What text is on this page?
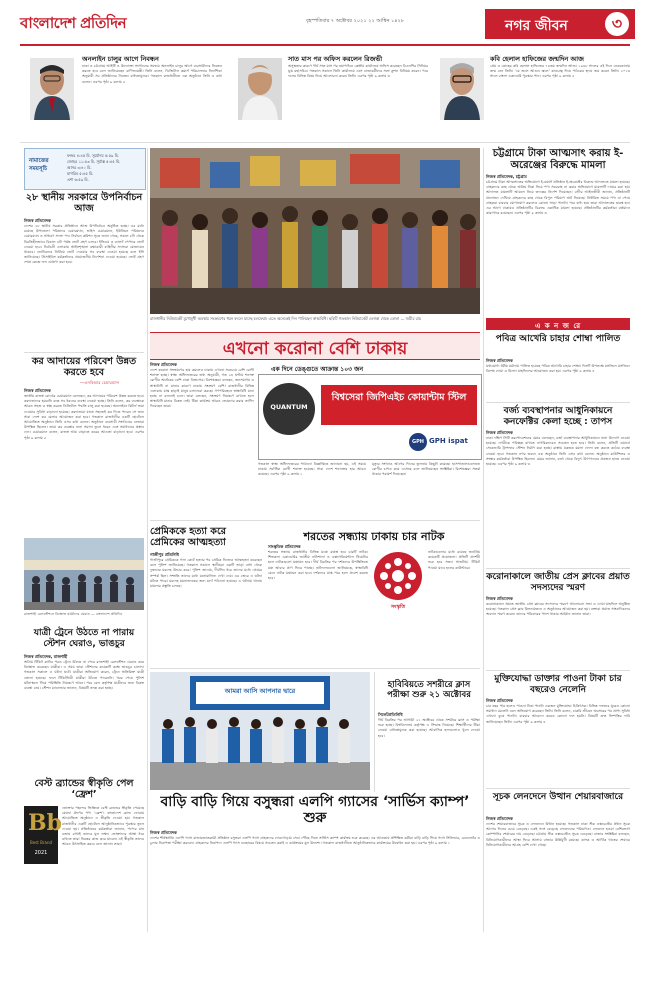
বাংলাদেশ প্রতিদিন	বৃহস্পতিবার ৭ অক্টোবর ২০২১ ২২ আশ্বিন ১৪২৮	নগর জীবন	৩
অনলাইন চালুর আগে নিবন্ধন
ঢাকা ও চট্টগ্রামে আইটি ও উদ্যোক্তা সংগঠনের সমন্বয়ে অনলাইন চালুর আগে ব্যবসায়ীদের নিবন্ধন করতে হবে বলে জানিয়েছেন বাণিজ্যমন্ত্রী। তিনি বলেন, ডিজিটাল কমার্স পরিচালনার নির্দেশিকা অনুযায়ী সব প্রতিষ্ঠানের নিবন্ধন বাধ্যতামূলক। গতকাল রাজধানীতে এক অনুষ্ঠানে তিনি এ কথা বলেন। এরপর পৃষ্ঠা ৯ কলাম ৫
সাত মাস পর অফিস করলেন রিজভী
অসুস্থতার কারণে দীর্ঘ সাত মাস পর নয়াপল্টনে কেন্দ্রীয় কার্যালয়ে অফিস করেছেন বিএনপির সিনিয়র যুগ্ম মহাসচিব। গতকাল সকালে তিনি কার্যালয়ে এসে নেতাকর্মীদের সঙ্গে কুশল বিনিময় করেন। পরে দলের বিভিন্ন বিষয় নিয়ে আলোচনা করেন তিনি। এরপর পৃষ্ঠা ৯ কলাম ৩
কবি হেলাল হাফিজের জন্মদিন আজ
প্রেম ও দ্রোহের কবি হেলাল হাফিজের ৭৪তম জন্মদিন আজ। ১৯৪৮ সালের এই দিনে নেত্রকোনায় জন্ম নেন তিনি। ‘যে জলে আগুন জ্বলে’ কাব্যগ্রন্থ দিয়ে পাঠকের হৃদয় জয় করেন তিনি। ২০১৩ সালে বাংলা একাডেমি পুরস্কার পান। এরপর পৃষ্ঠা ৯ কলাম ৫
নামাজের সময়সূচি
ফজর ৪:৪৫ মি. সূর্যোদয় ৫:৫৯ মি.
জোহর ১১:৫৩ মি. সূর্যাস্ত ৫:৪৫ মি.
আসর ৩:৪০ মি.
মাগরিব ৫:৪৫ মি.
এশা ৬:৫৯ মি.
২৮ স্থানীয় সরকারে উপনির্বাচন আজ
নিজস্ব প্রতিবেদক
দেশের ২৮ স্থানীয় সরকার প্রতিষ্ঠানে আজ উপনির্বাচন অনুষ্ঠিত হচ্ছে। এর মধ্যে রয়েছে উপজেলা পরিষদের চেয়ারম্যান, ভাইস চেয়ারম্যান, ইউনিয়ন পরিষদের চেয়ারম্যান ও সাধারণ সদস্য পদ। নির্বাচন কমিশন সূত্রে জানা গেছে, সকাল ৮টা থেকে বিরতিহীনভাবে বিকাল ৪টা পর্যন্ত ভোট গ্রহণ চলবে। ইভিএম ও ব্যালট পেপারে ভোট নেওয়া হবে। নির্বাচনী এলাকায় আইনশৃঙ্খলা রক্ষাকারী বাহিনীর সদস্যরা মোতায়েন থাকবে। ভোটারদের নির্বিঘ্নে ভোট দেওয়ার সব ব্যবস্থা নেওয়া হয়েছে বলে ইসি জানিয়েছে। প্রিসাইডিং কর্মকর্তাদের প্রয়োজনীয় নির্দেশনা দেওয়া হয়েছে। ভোট গ্রহণ শেষে কেন্দ্রে ফল ঘোষণা করা হবে।
কর আদায়ের পরিবেশ উন্নত করতে হবে
—এনবিআর চেয়ারম্যান
নিজস্ব প্রতিবেদক
জাতীয় রাজস্ব বোর্ডের চেয়ারম্যান বলেছেন, কর আদায়ের পরিবেশ উন্নত করতে হবে। করদাতাদের হয়রানি বন্ধে সব ধরনের ব্যবস্থা নেওয়া হচ্ছে। তিনি বলেন, কর ব্যবস্থাকে আরও সহজ ও স্বচ্ছ করতে ডিজিটাল পদ্ধতি চালু করা হয়েছে। অনলাইনে রিটার্ন জমা দেওয়ার সুবিধা বাড়ানো হয়েছে। করদাতারা যাতে সহজেই কর দিতে পারেন সে জন্য সারা দেশে কর মেলার আয়োজন করা হবে। গতকাল রাজধানীর একটি হোটেলে আয়োজিত অনুষ্ঠানে তিনি এসব কথা বলেন। অনুষ্ঠানে ব্যবসায়ী সংগঠনের নেতারা উপস্থিত ছিলেন। তারা কর ব্যবস্থার নানা সমস্যা তুলে ধরেন এবং সমাধানের প্রস্তাব দেন। চেয়ারম্যান বলেন, রাজস্ব আয় বাড়াতে করের আওতা বাড়ানো হবে। এরপর পৃষ্ঠা ৯ কলাম ৫
রাজশাহী রেলস্টেশনে বিক্ষোভ যাত্রীদের ঘেরাও — বাংলাদেশ প্রতিদিন
যাত্রী ট্রেনে উঠতে না পারায় স্টেশন ঘেরাও, ভাঙচুর
নিজস্ব প্রতিবেদক, রাজশাহী
অগ্রিম টিকিট কাটার পরও ট্রেনে উঠতে না পেরে রাজশাহী রেলস্টেশন ঘেরাও করে বিক্ষোভ করেছেন যাত্রীরা। এ সময় তারা স্টেশনের কয়েকটি কক্ষে ভাঙচুর চালান। গতকাল সকালে এ ঘটনা ঘটে। যাত্রীরা অভিযোগ করেন, ট্রেনে অতিরিক্ত যাত্রী তোলা হয়েছে। ফলে টিকিটধারী যাত্রীরা উঠতে পারেননি। খবর পেয়ে পুলিশ ঘটনাস্থলে গিয়ে পরিস্থিতি নিয়ন্ত্রণে আনে। পরে রেল কর্তৃপক্ষ যাত্রীদের জন্য বিকল্প ব্যবস্থা নেয়। স্টেশন ম্যানেজার জানান, বিষয়টি তদন্ত করা হচ্ছে।
বেস্ট ব্র্যান্ডের স্বীকৃতি পেল ‘ফ্রেশ’
Bb
Best Brand
2021
ভোক্তার পছন্দের ভিত্তিতে বেস্ট ব্র্যান্ডের স্বীকৃতি পেয়েছে মেঘনা গ্রুপের পণ্য ‘ফ্রেশ’। বাংলাদেশ ব্র্যান্ড ফোরাম আয়োজিত অনুষ্ঠানে এ স্বীকৃতি দেওয়া হয়। গতকাল রাজধানীর একটি হোটেলে আনুষ্ঠানিকভাবে পুরস্কার তুলে দেওয়া হয়। প্রতিষ্ঠানের কর্মকর্তারা জানান, পণ্যের মান বজায় রাখাই তাদের মূল লক্ষ্য। ভোক্তাদের আস্থা ধরে রাখতে তারা নিরন্তর কাজ করে যাবেন। এই স্বীকৃতি তাদের আরও উৎসাহিত করবে বলে জানান তারা।
রাজধানীর নিউমার্কেট মুখোমুখী অবস্থায় সংক্রমণের ধরন বদলে যাচ্ছে চলফেরা। এতে অনেকেই দিন পালিছেন স্বাস্থ্যবিধি। ছবিটি গতকাল নিউমার্কেট এলাকা থেকে তোলা — জয়ীর রায়
এখনো করোনা বেশি ঢাকায়
নিজস্ব প্রতিবেদক
দেশে করোনা সংক্রমণের হার কমলেও ঢাকায় এখনো সবচেয়ে বেশি রোগী শনাক্ত হচ্ছে। স্বাস্থ্য অধিদফতরের তথ্য অনুযায়ী, গত ২৪ ঘণ্টায় শনাক্ত রোগীর অর্ধেকের বেশি ঢাকা বিভাগের। বিশেষজ্ঞরা বলছেন, জনসমাগম ও স্বাস্থ্যবিধি না মানার কারণে ঢাকায় সংক্রমণ বেশি। রাজধানীর বিভিন্ন এলাকায় মাস্ক ছাড়াই মানুষ চলাফেরা করছে। গণপরিবহনে স্বাস্থ্যবিধি মানা হচ্ছে না বললেই চলে। তারা বলছেন, সংক্রমণ নিয়ন্ত্রণে রাখতে হলে স্বাস্থ্যবিধি মানার বিকল্প নেই। টিকা কার্যক্রম আরও জোরদার করার তাগিদ দিয়েছেন তারা।
এক দিনে ডেঙ্গুতে আক্রান্ত ১০৩ জন
QUANTUM
বিশ্বসেরা জিপিএইচ কোয়ান্টাম স্টিল
GPH GPH ispat
গতকাল স্বাস্থ্য অধিদফতরের পাঠানো বিজ্ঞপ্তিতে জানানো হয়, এই সময়ে ঢাকায় সর্বাধিক রোগী শনাক্ত হয়েছে। সারা দেশে শনাক্তের হার আরও কমেছে। এরপর পৃষ্ঠা ৯ কলাম ১
মৃত্যুর সংখ্যাও আগের দিনের তুলনায় কিছুটা কমেছে। হাসপাতালগুলোতে রোগীর চাপও কমে এসেছে বলে জানিয়েছেন সংশ্লিষ্টরা। বিশেষজ্ঞরা সতর্ক থাকার পরামর্শ দিয়েছেন।
প্রেমিককে হত্যা করে প্রেমিকের আত্মহত্যা
গাজীপুর প্রতিনিধি
গাজীপুরে প্রেমিককে গলা কেটে হত্যার পর প্রেমিক নিজেও আত্মহত্যা করেছেন বলে পুলিশ জানিয়েছে। গতকাল সকালে স্থানীয়রা একটি ভাড়া বাসা থেকে দুজনের মরদেহ উদ্ধার করে। পুলিশ জানায়, দীর্ঘদিন ধরে তাদের মধ্যে প্রেমের সম্পর্ক ছিল। সম্প্রতি তাদের মধ্যে মনোমালিন্য দেখা দেয়। এর জেরে এ ঘটনা ঘটতে পারে। মরদেহ ময়নাতদন্তের জন্য মর্গে পাঠানো হয়েছে। এ ঘটনায় থানায় মামলার প্রস্তুতি চলছে।
শরতের সন্ধ্যায় ঢাকায় চার নাটক
সাংস্কৃতিক প্রতিবেদক
শরতের সন্ধ্যায় রাজধানীর বিভিন্ন মঞ্চে মঞ্চস্থ হবে চারটি নাটক। শিল্পকলা একাডেমির জাতীয় নাট্যশালা ও এক্সপেরিমেন্টাল থিয়েটার হলে নাটকগুলো মঞ্চায়ন হবে। দীর্ঘ বিরতির পর দর্শকদের উপস্থিতিতে মঞ্চ আবার প্রাণ ফিরে পাচ্ছে। নাট্যদলগুলো জানিয়েছে, স্বাস্থ্যবিধি মেনে নাটক মঞ্চায়ন করা হবে। দর্শকদের মাস্ক পরে হলে প্রবেশ করতে হবে।
সংস্কৃতি
নাটকগুলোর মধ্যে রয়েছে জনপ্রিয় কয়েকটি প্রযোজনা। প্রতিটি প্রদর্শনী শুরু হবে সন্ধ্যা সাতটায়। টিকিট পাওয়া যাবে হলের কাউন্টারে।
আমরা আসি আপনার দ্বারে
বাড়ি বাড়ি গিয়ে বসুন্ধরা এলপি গ্যাসের ‘সার্ভিস ক্যাম্প’ শুরু
নিজস্ব প্রতিবেদক
দেশের শীর্ষস্থানীয় এলপি গ্যাস বাজারজাতকারী প্রতিষ্ঠান বসুন্ধরা এলপি গ্যাস গ্রাহকদের দোরগোড়ায় সেবা পৌঁছে দিতে সার্ভিস ক্যাম্প কার্যক্রম শুরু করেছে। এর আওতায় প্রশিক্ষিত কর্মীরা বাড়ি বাড়ি গিয়ে গ্যাস সিলিন্ডার, রেগুলেটর ও চুলার নিরাপত্তা পরীক্ষা করবেন। গ্রাহকদের নিরাপদে এলপি গ্যাস ব্যবহারের বিষয়ে সচেতন করাই এ কার্যক্রমের মূল উদ্দেশ্য। গতকাল রাজধানীতে আনুষ্ঠানিকভাবে কার্যক্রমের উদ্বোধন করা হয়। এরপর পৃষ্ঠা ৯ কলাম ১
হাবিবিয়তে সশরীরে ক্লাস পরীক্ষা শুরু ২১ অক্টোবর
সিলেটপ্রতিনিধি
দীর্ঘ বিরতির পর আগামী ২১ অক্টোবর থেকে সশরীরে ক্লাস ও পরীক্ষা শুরু হচ্ছে। বিশ্ববিদ্যালয় কর্তৃপক্ষ এ সিদ্ধান্ত নিয়েছে। শিক্ষার্থীদের টিকা নেওয়া বাধ্যতামূলক করা হয়েছে। আবাসিক হলগুলোও খুলে দেওয়া হবে।
চট্টগ্রামে টাকা আত্মসাৎ করায় ই-অরেঞ্জের বিরুদ্ধে মামলা
নিজস্ব প্রতিবেদক, চট্টগ্রাম
চট্টগ্রামে টাকা আত্মসাতের অভিযোগে ই-কমার্স প্রতিষ্ঠান ই-অরেঞ্জের বিরুদ্ধে আদালতে মামলা হয়েছে। গ্রাহকদের কাছ থেকে অগ্রিম টাকা নিয়ে পণ্য সরবরাহ না করার অভিযোগে মামলাটি দায়ের করা হয়। আদালত মামলাটি আমলে নিয়ে তদন্তের নির্দেশ দিয়েছেন। বাদীর আইনজীবী জানান, প্রতিষ্ঠানটি প্রলোভন দেখিয়ে গ্রাহকদের কাছ থেকে বিপুল পরিমাণ অর্থ নিয়েছে। নির্ধারিত সময়ে পণ্য না পেয়ে গ্রাহকরা বারবার যোগাযোগ করলেও কোনো সাড়া পাননি। পরে বাধ্য হয়ে তারা আদালতের দ্বারস্থ হন। এর আগে ঢাকায়ও প্রতিষ্ঠানটির বিরুদ্ধে একাধিক মামলা হয়েছে। প্রতিষ্ঠানটির কর্মকর্তারা বর্তমানে কারাগারে রয়েছেন। এরপর পৃষ্ঠা ৯ কলাম ৩
এ ক ন জ রে
পবিত্র আখেরি চাহার শোম্বা পালিত
নিজস্ব প্রতিবেদক
যথাযোগ্য ধর্মীয় মর্যাদায় পালিত হয়েছে পবিত্র আখেরি চাহার শোম্বা। দিনটি উপলক্ষে মসজিদে মসজিদে বিশেষ দোয়া ও মিলাদ মাহফিলের আয়োজন করা হয়। এরপর পৃষ্ঠা ৯ কলাম ৪
বর্জ্য ব্যবস্থাপনার আধুনিকায়নে কনফেক্টির কেলা হচ্ছে : তাপস
নিজস্ব প্রতিবেদক
ঢাকা দক্ষিণ সিটি করপোরেশনের মেয়র বলেছেন, বর্জ্য ব্যবস্থাপনার আধুনিকায়নে নানা উদ্যোগ নেওয়া হয়েছে। নগরীকে পরিচ্ছন্ন রাখতে নাগরিকদেরও সচেতন হতে হবে। তিনি বলেন, প্রতিটি ওয়ার্ডে সেকেন্ডারি ট্রান্সফার স্টেশন নির্মাণ করা হচ্ছে। রাস্তায় যত্রতত্র ময়লা ফেলা বন্ধ করতে কঠোর ব্যবস্থা নেওয়া হবে। গতকাল নগর ভবনে এক অনুষ্ঠানে তিনি এসব কথা বলেন। অনুষ্ঠানে কাউন্সিলর ও সংস্থার কর্মকর্তারা উপস্থিত ছিলেন। মেয়র জানান, বর্জ্য থেকে বিদ্যুৎ উৎপাদনের প্রকল্পও হাতে নেওয়া হয়েছে। এরপর পৃষ্ঠা ৯ কলাম ৩
করোনাকালে জাতীয় প্রেস ক্লাবের প্রয়াত সদস্যদের স্মরণ
নিজস্ব প্রতিবেদক
করোনাকালে প্রয়াত জাতীয় প্রেস ক্লাবের সদস্যদের স্মরণে আলোচনা সভা ও দোয়া মাহফিল অনুষ্ঠিত হয়েছে। গতকাল প্রেস ক্লাব মিলনায়তনে এ অনুষ্ঠানের আয়োজন করা হয়। বক্তারা প্রয়াত সাংবাদিকদের অবদান স্মরণ করেন। তাদের পরিবারের পাশে থাকার আহ্বান জানান তারা।
মুক্তিযোদ্ধা ডাক্তার পাওনা টাকা চার বছরেও নেলেনি
নিজস্ব প্রতিবেদক
চার বছর পার হলেও পাওনা টাকা পাননি একজন মুক্তিযোদ্ধা চিকিৎসক। বিভিন্ন দফতরে ঘুরেও কোনো সমাধান মেলেনি বলে অভিযোগ করেছেন তিনি। তিনি বলেন, চাকরি জীবনে অবসরের পর প্রাপ্য সুবিধা এখনো বুঝে পাননি। বারবার আবেদন করেও কোনো ফল হয়নি। বিষয়টি দ্রুত নিষ্পত্তির দাবি জানিয়েছেন তিনি। এরপর পৃষ্ঠা ৯ কলাম ৪
সূচক লেনদেনে উত্থান শেয়ারবাজারে
নিজস্ব প্রতিবেদক
দেশের শেয়ারবাজারে সূচক ও লেনদেনে উত্থান হয়েছে। গতকাল ঢাকা স্টক এক্সচেঞ্জের প্রধান সূচক আগের দিনের চেয়ে বেড়েছে। একই সঙ্গে বেড়েছে লেনদেনের পরিমাণও। লেনদেন হওয়া বেশিরভাগ কোম্পানির শেয়ারের দাম বেড়েছে। চট্টগ্রাম স্টক এক্সচেঞ্জেও সূচক বেড়েছে। বাজার সংশ্লিষ্টরা বলছেন, বিনিয়োগকারীদের আস্থা ফিরে আসায় বাজার ঊর্ধ্বমুখী রয়েছে। ব্যাংক ও আর্থিক খাতের শেয়ারে বিনিয়োগকারীদের আগ্রহ বেশি দেখা গেছে।
